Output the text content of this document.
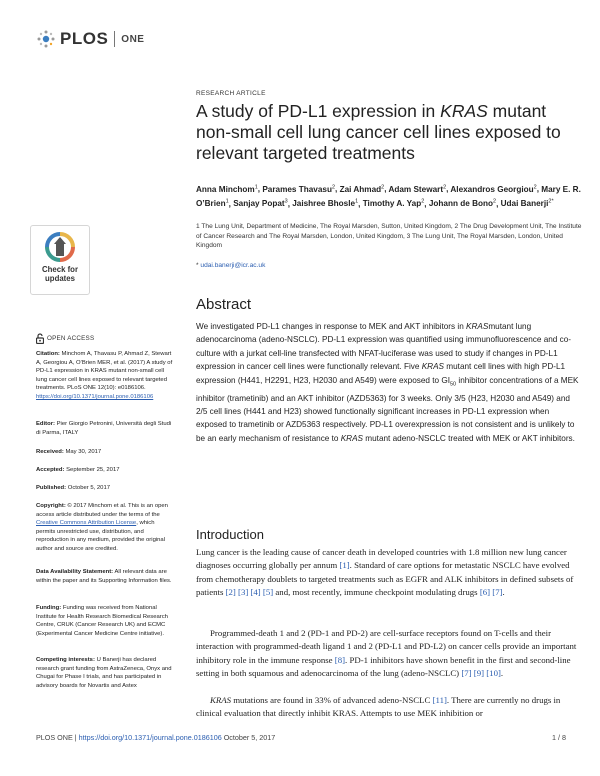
PLOS ONE
Check for
updates
OPEN ACCESS
Citation: Minchom A, Thavasu P, Ahmad Z, Stewart A, Georgiou A, O’Brien MER, et al. (2017) A study of PD-L1 expression in KRAS mutant non-small cell lung cancer cell lines exposed to relevant targeted treatments. PLoS ONE 12(10): e0186106. https://doi.org/10.1371/journal.pone.0186106
Editor: Pier Giorgio Petronini, Università degli Studi di Parma, ITALY
Received: May 30, 2017
Accepted: September 25, 2017
Published: October 5, 2017
Copyright: © 2017 Minchom et al. This is an open access article distributed under the terms of the Creative Commons Attribution License, which permits unrestricted use, distribution, and reproduction in any medium, provided the original author and source are credited.
Data Availability Statement: All relevant data are within the paper and its Supporting Information files.
Funding: Funding was received from National Institute for Health Research Biomedical Research Centre, CRUK (Cancer Research UK) and ECMC (Experimental Cancer Medicine Centre initiative).
Competing interests: U Banerji has declared research grant funding from AstraZeneca, Onyx and Chugai for Phase I trials, and has participated in advisory boards for Novartis and Astex
RESEARCH ARTICLE
A study of PD-L1 expression in KRAS mutant non-small cell lung cancer cell lines exposed to relevant targeted treatments
Anna Minchom$^1$, Parames Thavasu$^2$, Zai Ahmad$^2$, Adam Stewart$^2$, Alexandros Georgiou$^2$, Mary E. R. O’Brien$^1$, Sanjay Popat$^3$, Jaishree Bhosle$^1$, Timothy A. Yap$^2$, Johann de Bono$^2$, Udai Banerji$^{2*}$
1 The Lung Unit, Department of Medicine, The Royal Marsden, Sutton, United Kingdom, 2 The Drug Development Unit, The Institute of Cancer Research and The Royal Marsden, London, United Kingdom, 3 The Lung Unit, The Royal Marsden, London, United Kingdom
* udai.banerji@icr.ac.uk
Abstract
We investigated PD-L1 changes in response to MEK and AKT inhibitors in KRASmutant lung adenocarcinoma (adeno-NSCLC). PD-L1 expression was quantified using immunofluorescence and co-culture with a jurkat cell-line transfected with NFAT-luciferase was used to study if changes in PD-L1 expression in cancer cell lines were functionally relevant. Five KRAS mutant cell lines with high PD-L1 expression (H441, H2291, H23, H2030 and A549) were exposed to $GI_{50}$ inhibitor concentrations of a MEK inhibitor (trametinib) and an AKT inhibitor (AZD5363) for 3 weeks. Only 3/5 (H23, H2030 and A549) and 2/5 cell lines (H441 and H23) showed functionally significant increases in PD-L1 expression when exposed to trametinib or AZD5363 respectively. PD-L1 overexpression is not consistent and is unlikely to be an early mechanism of resistance to KRAS mutant adeno-NSCLC treated with MEK or AKT inhibitors.
Introduction
Lung cancer is the leading cause of cancer death in developed countries with 1.8 million new lung cancer diagnoses occurring globally per annum [1]. Standard of care options for metastatic NSCLC have evolved from chemotherapy doublets to targeted treatments such as EGFR and ALK inhibitors in defined subsets of patients [2] [3] [4] [5] and, most recently, immune checkpoint modulating drugs [6] [7].
Programmed-death 1 and 2 (PD-1 and PD-2) are cell-surface receptors found on T-cells and their interaction with programmed-death ligand 1 and 2 (PD-L1 and PD-L2) on cancer cells provide an important inhibitory role in the immune response [8]. PD-1 inhibitors have shown benefit in the first and second-line setting in both squamous and adenocarcinoma of the lung (adeno-NSCLC) [7] [9] [10].
KRAS mutations are found in 33% of advanced adeno-NSCLC [11]. There are currently no drugs in clinical evaluation that directly inhibit KRAS. Attempts to use MEK inhibition or
PLOS ONE | https://doi.org/10.1371/journal.pone.0186106 October 5, 2017	1 / 8
